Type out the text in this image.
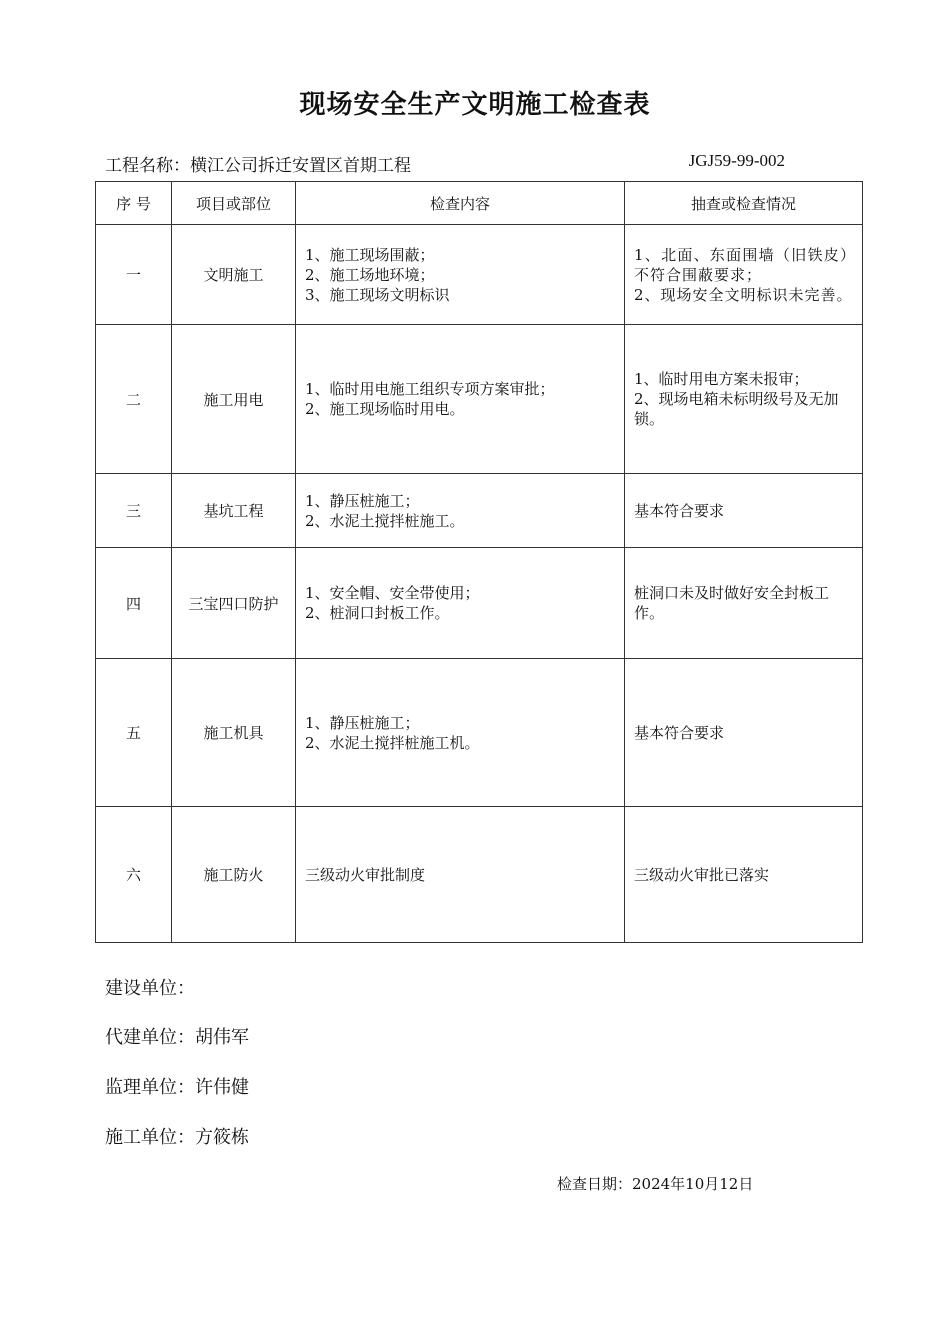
现场安全生产文明施工检查表
工程名称：横江公司拆迁安置区首期工程	JGJ59-99-002
序 号	项目或部位	检查内容	抽查或检查情况
一	文明施工	1、施工现场围蔽；
2、施工场地环境；
3、施工现场文明标识	1、北面、东面围墙（旧铁皮）不符合围蔽要求；
2、现场安全文明标识未完善。

二	施工用电	1、临时用电施工组织专项方案审批；
2、施工现场临时用电。	1、临时用电方案未报审；
2、现场电箱未标明级号及无加锁。

三	基坑工程	1、静压桩施工；
2、水泥土搅拌桩施工。	基本符合要求

四	三宝四口防护	1、安全帽、安全带使用；
2、桩洞口封板工作。	桩洞口未及时做好安全封板工作。

五	施工机具	1、静压桩施工；
2、水泥土搅拌桩施工机。	基本符合要求

六	施工防火	三级动火审批制度	三级动火审批已落实
建设单位：
代建单位：胡伟军
监理单位：许伟健
施工单位：方筱栋
检查日期：2024年10月12日
